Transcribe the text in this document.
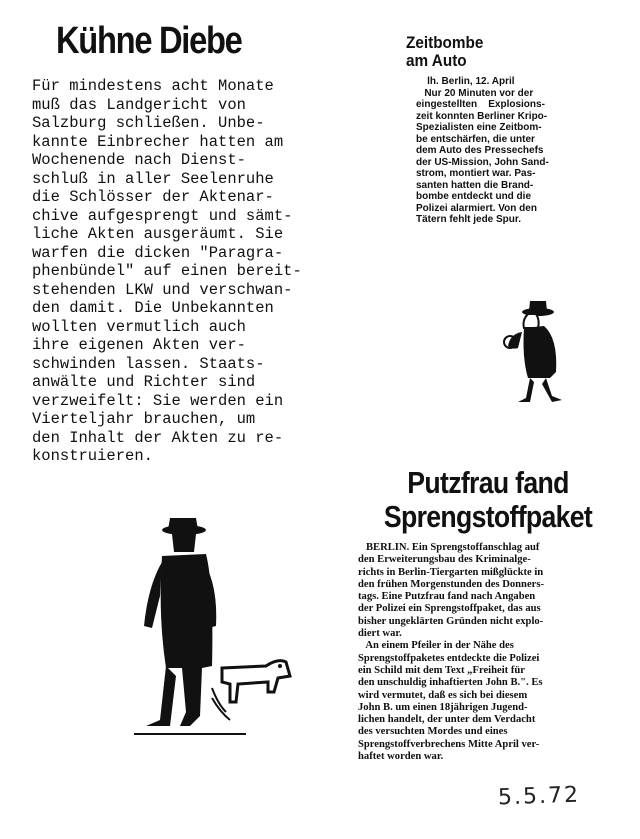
Kühne Diebe
Für mindestens acht Monate
muß das Landgericht von
Salzburg schließen. Unbe-
kannte Einbrecher hatten am
Wochenende nach Dienst-
schluß in aller Seelenruhe
die Schlösser der Aktenar-
chive aufgesprengt und sämt-
liche Akten ausgeräumt. Sie
warfen die dicken "Paragra-
phenbündel" auf einen bereit-
stehenden LKW und verschwan-
den damit. Die Unbekannten
wollten vermutlich auch
ihre eigenen Akten ver-
schwinden lassen. Staats-
anwälte und Richter sind
verzweifelt: Sie werden ein
Vierteljahr brauchen, um
den Inhalt der Akten zu re-
konstruieren.
Zeitbombe
am Auto
lh. Berlin, 12. April
Nur 20 Minuten vor der
eingestellten    Explosions-
zeit konnten Berliner Kripo-
Spezialisten eine Zeitbom-
be entschärfen, die unter
dem Auto des Pressechefs
der US-Mission, John Sand-
strom, montiert war. Pas-
santen hatten die Brand-
bombe entdeckt und die
Polizei alarmiert. Von den
Tätern fehlt jede Spur.
Putzfrau fand
Sprengstoffpaket
BERLIN. Ein Sprengstoffanschlag auf
den Erweiterungsbau des Kriminalge-
richts in Berlin-Tiergarten mißglückte in
den frühen Morgenstunden des Donners-
tags. Eine Putzfrau fand nach Angaben
der Polizei ein Sprengstoffpaket, das aus
bisher ungeklärten Gründen nicht explo-
diert war.
An einem Pfeiler in der Nähe des
Sprengstoffpaketes entdeckte die Polizei
ein Schild mit dem Text „Freiheit für
den unschuldig inhaftierten John B.". Es
wird vermutet, daß es sich bei diesem
John B. um einen 18jährigen Jugend-
lichen handelt, der unter dem Verdacht
des versuchten Mordes und eines
Sprengstoffverbrechens Mitte April ver-
haftet worden war.
5.5.72
